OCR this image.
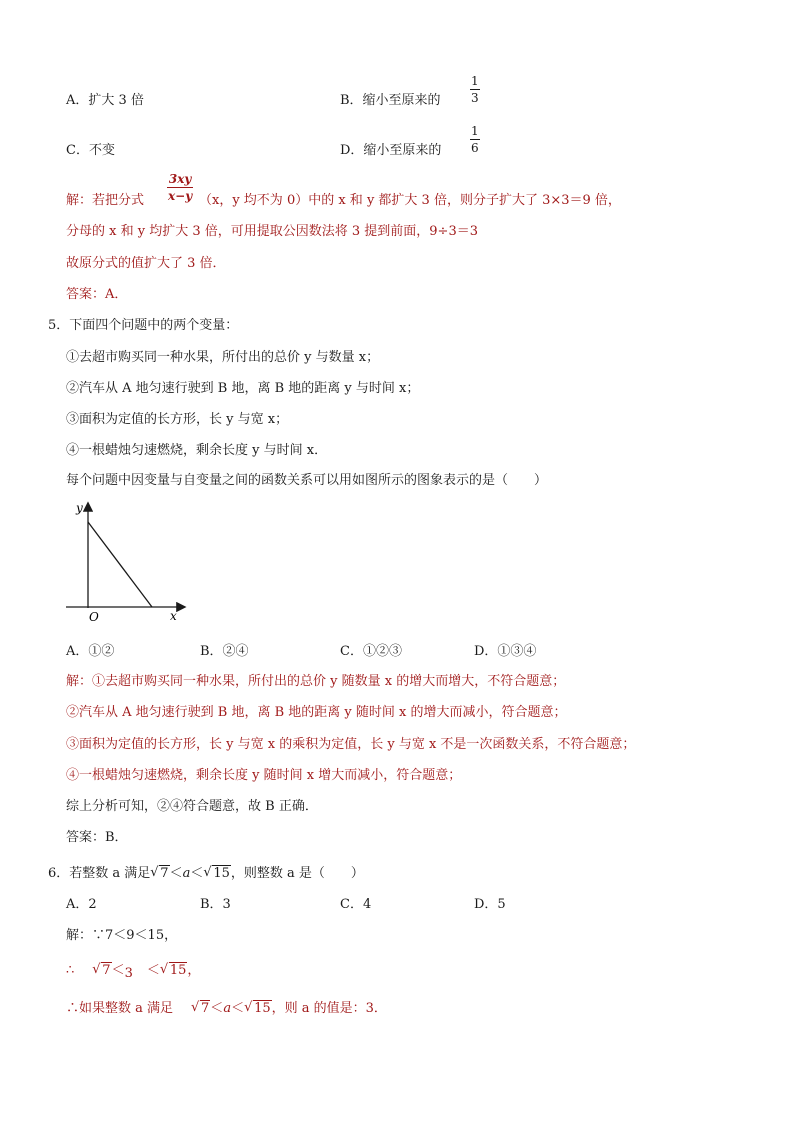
A．扩大 3 倍	B．缩小至原来的
1
3
C．不变	D．缩小至原来的
1
6
解：若把分式
3xy
x−y （x，y 均不为 0）中的 x 和 y 都扩大 3 倍，则分子扩大了 3×3＝9 倍，
分母的 x 和 y 均扩大 3 倍，可用提取公因数法将 3 提到前面，9÷3＝3
故原分式的值扩大了 3 倍．
答案：A．
5．下面四个问题中的两个变量：
①去超市购买同一种水果，所付出的总价 y 与数量 x；
②汽车从 A 地匀速行驶到 B 地，离 B 地的距离 y 与时间 x；
③面积为定值的长方形，长 y 与宽 x；
④一根蜡烛匀速燃烧，剩余长度 y 与时间 x．
每个问题中因变量与自变量之间的函数关系可以用如图所示的图象表示的是（　　）
y
x
O
A．①②	B．②④	C．①②③	D．①③④
解：①去超市购买同一种水果，所付出的总价 y 随数量 x 的增大而增大，不符合题意；
②汽车从 A 地匀速行驶到 B 地，离 B 地的距离 y 随时间 x 的增大而减小，符合题意；
③面积为定值的长方形，长 y 与宽 x 的乘积为定值，长 y 与宽 x 不是一次函数关系，不符合题意；
④一根蜡烛匀速燃烧，剩余长度 y 随时间 x 增大而减小，符合题意；
综上分析可知，②④符合题意，故 B 正确．
答案：B．
6．若整数 a 满足 √ 7＜a＜ √ 15，则整数 a 是（　　）
A．2	B．3	C．4	D．5
解：∵7＜9＜15，
∴ √ 7＜3 ＜ √ 15，
∴如果整数 a 满足 √ 7＜a＜ √ 15，则 a 的值是：3．
